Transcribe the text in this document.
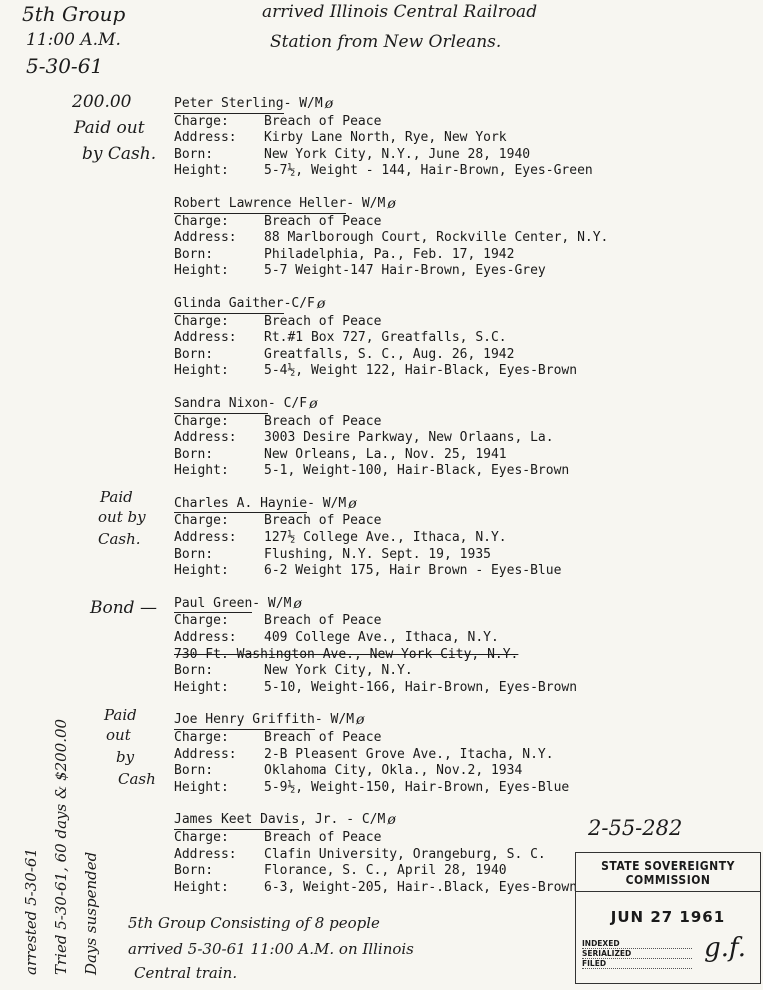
5th Group
11:00 A.M.
5-30-61
arrived Illinois Central Railroad
Station from New Orleans.
200.00
Paid out
by Cash.
Paid
out by
Cash.
Bond —
Paid
out
by
Cash
arrested 5-30-61 Tried 5-30-61, 60 days & $200.00 Days suspended
Peter Sterling - W/M ø
Charge:	Breach of Peace
Address:	Kirby Lane North, Rye, New York
Born:	New York City, N.Y., June 28, 1940
Height:	5-7½, Weight - 144, Hair-Brown, Eyes-Green
Robert Lawrence Heller - W/M ø
Charge:	Breach of Peace
Address:	88 Marlborough Court, Rockville Center, N.Y.
Born:	Philadelphia, Pa., Feb. 17, 1942
Height:	5-7 Weight-147 Hair-Brown, Eyes-Grey
Glinda Gaither -C/F ø
Charge:	Breach of Peace
Address:	Rt.#1 Box 727, Greatfalls, S.C.
Born:	Greatfalls, S. C., Aug. 26, 1942
Height:	5-4½, Weight 122, Hair-Black, Eyes-Brown
Sandra Nixon - C/F ø
Charge:	Breach of Peace
Address:	3003 Desire Parkway, New Orlaans, La.
Born:	New Orleans, La., Nov. 25, 1941
Height:	5-1, Weight-100, Hair-Black, Eyes-Brown
Charles A. Haynie - W/M ø
Charge:	Breach of Peace
Address:	127½ College Ave., Ithaca, N.Y.
Born:	Flushing, N.Y. Sept. 19, 1935
Height:	6-2 Weight 175, Hair Brown - Eyes-Blue
Paul Green - W/M ø
Charge:	Breach of Peace
Address:	409 College Ave., Ithaca, N.Y.
730 Ft. Washington Ave., New York City, N.Y.
Born:	New York City, N.Y.
Height:	5-10, Weight-166, Hair-Brown, Eyes-Brown
Joe Henry Griffith - W/M ø
Charge:	Breach of Peace
Address:	2-B Pleasent Grove Ave., Itacha, N.Y.
Born:	Oklahoma City, Okla., Nov.2, 1934
Height:	5-9½, Weight-150, Hair-Brown, Eyes-Blue
James Keet Davis , Jr. - C/M ø
Charge:	Breach of Peace
Address:	Clafin University, Orangeburg, S. C.
Born:	Florance, S. C., April 28, 1940
Height:	6-3, Weight-205, Hair-.Black, Eyes-Brown
2-55-282
5th Group Consisting of 8 people
arrived 5-30-61 11:00 A.M. on Illinois
Central train.
STATE SOVEREIGNTY COMMISSION
JUN 27 1961
INDEXED
SERIALIZED
FILED
g.f.
